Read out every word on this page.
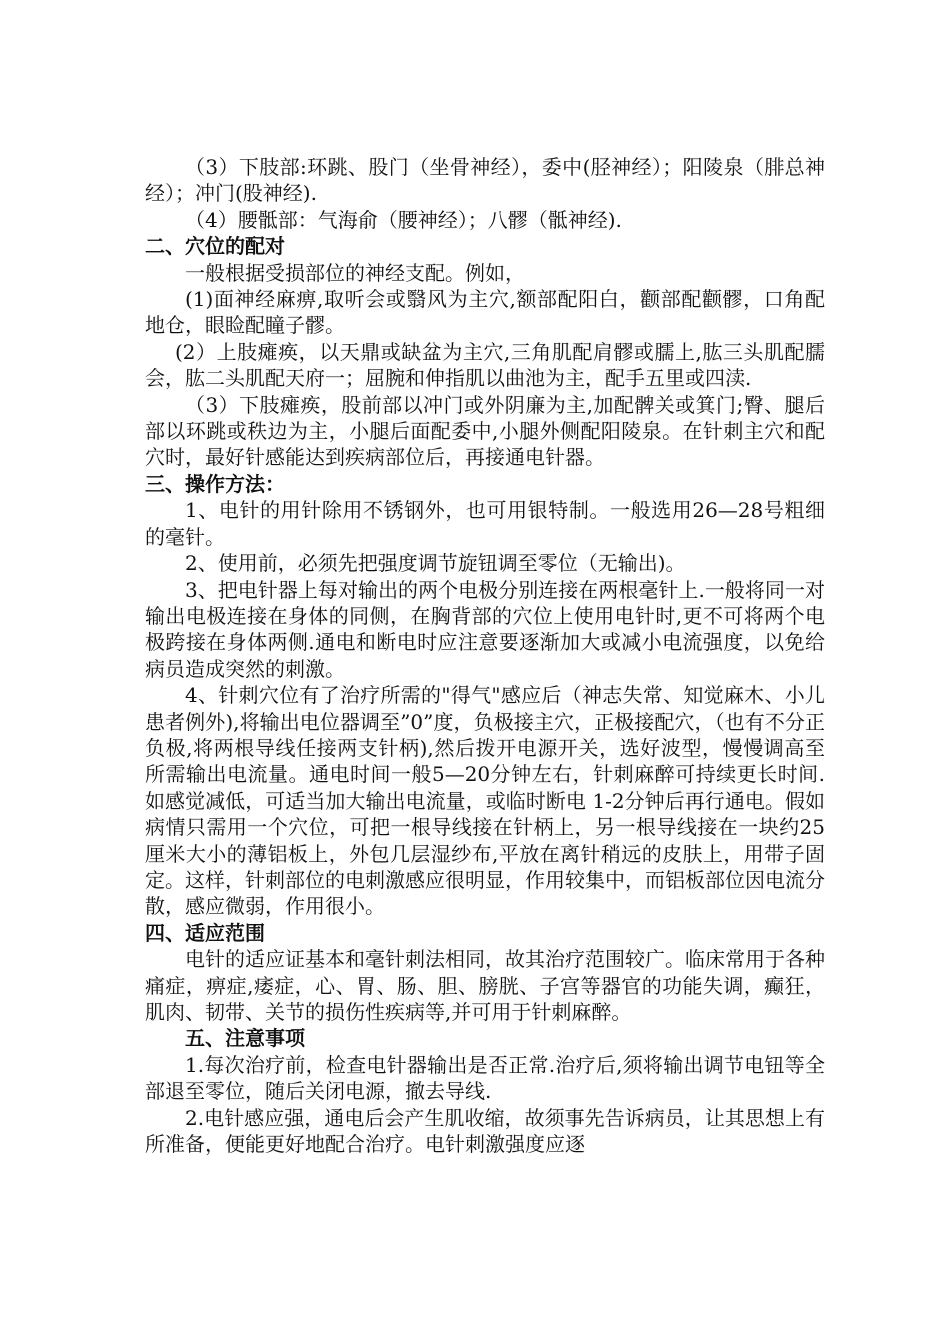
（3）下肢部:环跳、股门（坐骨神经），委中(胫神经）；阳陵泉（腓总神经）；冲门(股神经).

（4）腰骶部：气海俞（腰神经）；八髎（骶神经).

二、穴位的配对

一般根据受损部位的神经支配。例如，

(1)面神经麻痹,取听会或翳风为主穴,额部配阳白，颧部配颧髎，口角配地仓，眼睑配瞳子髎。

(2）上肢瘫痪，以天鼎或缺盆为主穴,三角肌配肩髎或臑上,肱三头肌配臑会，肱二头肌配天府一；屈腕和伸指肌以曲池为主，配手五里或四渎.

（3）下肢瘫痪，股前部以冲门或外阴廉为主,加配髀关或箕门;臀、腿后部以环跳或秩边为主，小腿后面配委中,小腿外侧配阳陵泉。在针刺主穴和配穴时，最好针感能达到疾病部位后，再接通电针器。

三、操作方法：

1、电针的用针除用不锈钢外，也可用银特制。一般选用26—28号粗细的毫针。

2、使用前，必须先把强度调节旋钮调至零位（无输出)。

3、把电针器上每对输出的两个电极分别连接在两根毫针上.一般将同一对输出电极连接在身体的同侧，在胸背部的穴位上使用电针时,更不可将两个电极跨接在身体两侧.通电和断电时应注意要逐渐加大或减小电流强度，以免给病员造成突然的刺激。

4、针刺穴位有了治疗所需的"得气"感应后（神志失常、知觉麻木、小儿患者例外),将输出电位器调至”0”度，负极接主穴，正极接配穴，（也有不分正负极,将两根导线任接两支针柄),然后拨开电源开关，选好波型，慢慢调高至所需输出电流量。通电时间一般5—20分钟左右，针刺麻醉可持续更长时间.如感觉减低，可适当加大输出电流量，或临时断电 1-2分钟后再行通电。假如病情只需用一个穴位，可把一根导线接在针柄上，另一根导线接在一块约25厘米大小的薄铝板上，外包几层湿纱布,平放在离针稍远的皮肤上，用带子固定。这样，针刺部位的电刺激感应很明显，作用较集中，而铝板部位因电流分散，感应微弱，作用很小。

四、适应范围

电针的适应证基本和毫针刺法相同，故其治疗范围较广。临床常用于各种痛症，痹症,痿症，心、胃、肠、胆、膀胱、子宫等器官的功能失调，癫狂，肌肉、韧带、关节的损伤性疾病等,并可用于针刺麻醉。

五、注意事项

1.每次治疗前，检查电针器输出是否正常.治疗后,须将输出调节电钮等全部退至零位，随后关闭电源，撤去导线.

2.电针感应强，通电后会产生肌收缩，故须事先告诉病员，让其思想上有所准备，便能更好地配合治疗。电针刺激强度应逐
